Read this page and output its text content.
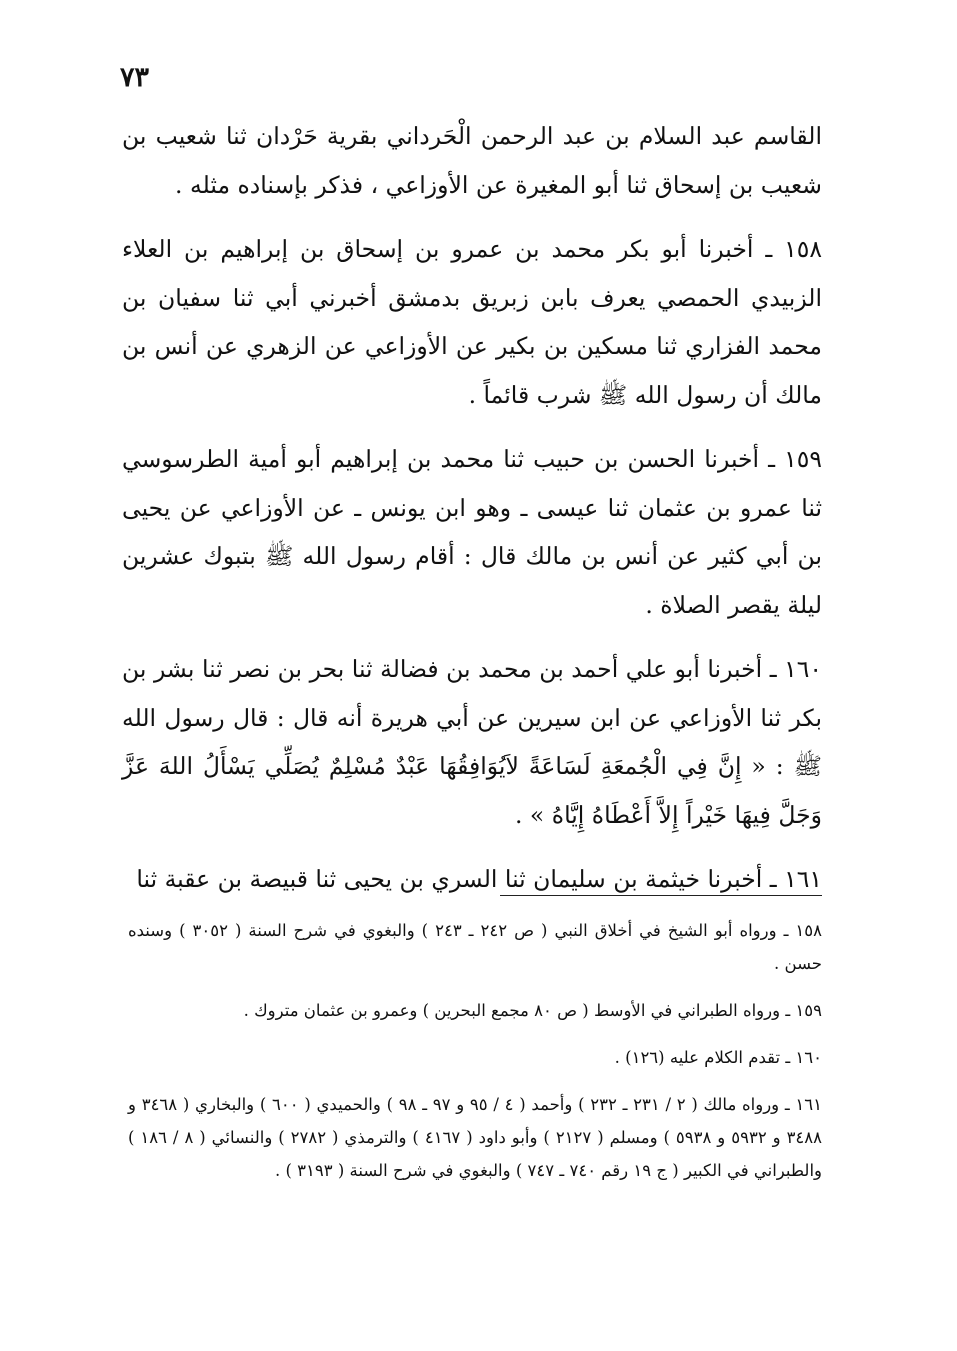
٧٣

القاسم عبد السلام بن عبد الرحمن الْحَرداني بقرية حَرْدان ثنا شعيب بن شعيب بن إسحاق ثنا أبو المغيرة عن الأوزاعي ، فذكر بإسناده مثله .

١٥٨ ـ أخبرنا أبو بكر محمد بن عمرو بن إسحاق بن إبراهيم بن العلاء الزبيدي الحمصي يعرف بابن زبريق بدمشق أخبرني أبي ثنا سفيان بن محمد الفزاري ثنا مسكين بن بكير عن الأوزاعي عن الزهري عن أنس بن مالك أن رسول الله ﷺ شرب قائماً .

١٥٩ ـ أخبرنا الحسن بن حبيب ثنا محمد بن إبراهيم أبو أمية الطرسوسي ثنا عمرو بن عثمان ثنا عيسى ـ وهو ابن يونس ـ عن الأوزاعي عن يحيى بن أبي كثير عن أنس بن مالك قال : أقام رسول الله ﷺ بتبوك عشرين ليلة يقصر الصلاة .

١٦٠ ـ أخبرنا أبو علي أحمد بن محمد بن فضالة ثنا بحر بن نصر ثنا بشر بن بكر ثنا الأوزاعي عن ابن سيرين عن أبي هريرة أنه قال : قال رسول الله ﷺ : « إِنَّ فِي الْجُمعَةِ لَسَاعَةً لاَيُوَافِقُهَا عَبْدٌ مُسْلِمٌ يُصَلِّي يَسْأَلُ اللهَ عَزَّ وَجَلَّ فِيهَا خَيْراً إِلاَّ أَعْطَاهُ إِيَّاهُ » .

١٦١ ـ أخبرنا خيثمة بن سليمان ثنا السري بن يحيى ثنا قبيصة بن عقبة ثنا

١٥٨ ـ ورواه أبو الشيخ في أخلاق النبي ( ص ٢٤٢ ـ ٢٤٣ ) والبغوي في شرح السنة ( ٣٠٥٢ ) وسنده حسن .

١٥٩ ـ ورواه الطبراني في الأوسط ( ص ٨٠ مجمع البحرين ) وعمرو بن عثمان متروك .

١٦٠ ـ تقدم الكلام عليه (١٢٦) .

١٦١ ـ ورواه مالك ( ٢ / ٢٣١ ـ ٢٣٢ ) وأحمد ( ٤ / ٩٥ و ٩٧ ـ ٩٨ ) والحميدي ( ٦٠٠ ) والبخاري ( ٣٤٦٨ و ٣٤٨٨ و ٥٩٣٢ و ٥٩٣٨ ) ومسلم ( ٢١٢٧ ) وأبو داود ( ٤١٦٧ ) والترمذي ( ٢٧٨٢ ) والنسائي ( ٨ / ١٨٦ ) والطبراني في الكبير ( ج ١٩ رقم ٧٤٠ ـ ٧٤٧ ) والبغوي في شرح السنة ( ٣١٩٣ ) .
